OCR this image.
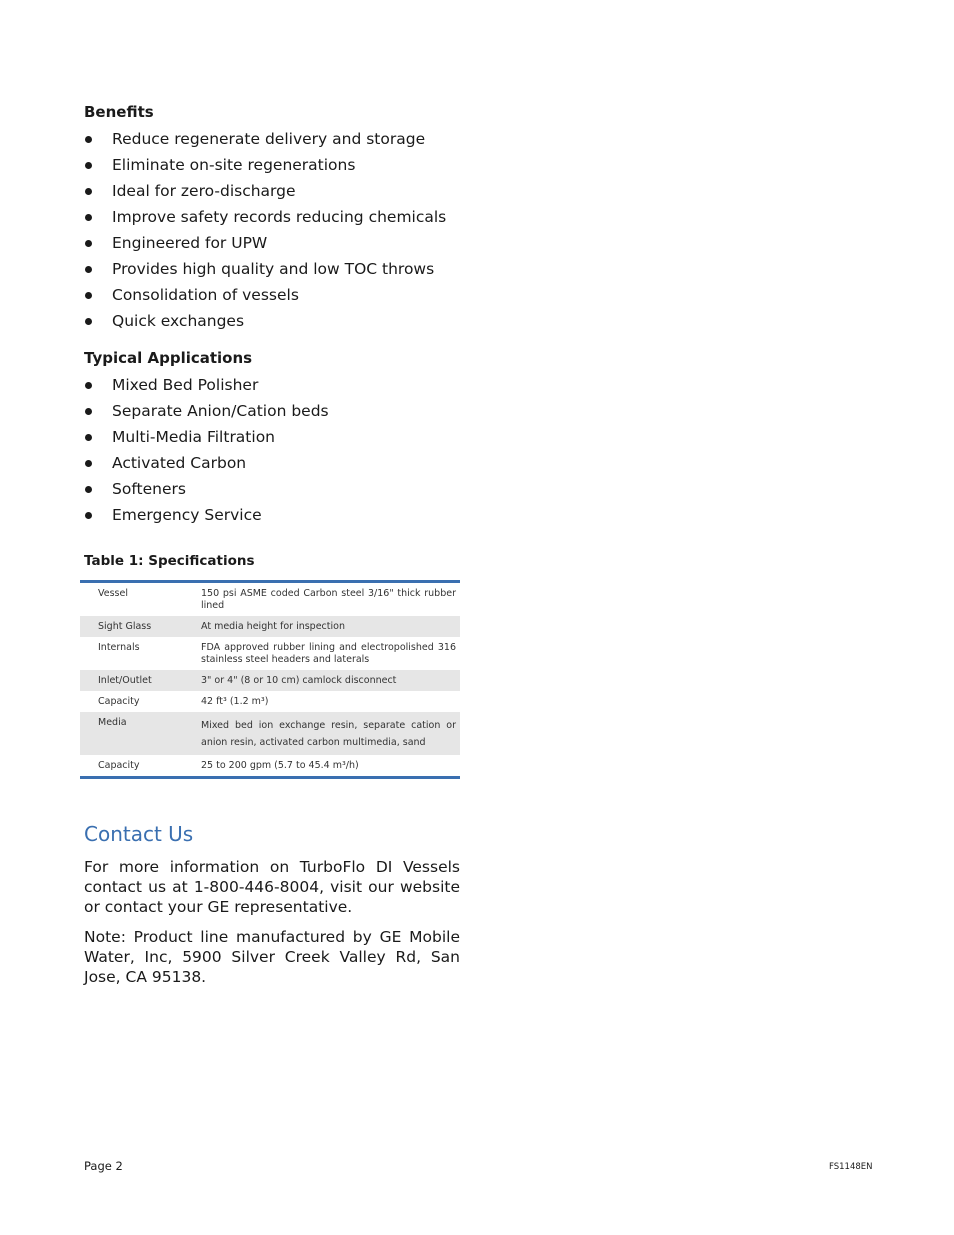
Benefits

Reduce regenerate delivery and storage
Eliminate on-site regenerations
Ideal for zero-discharge
Improve safety records reducing chemicals
Engineered for UPW
Provides high quality and low TOC throws
Consolidation of vessels
Quick exchanges

Typical Applications

Mixed Bed Polisher
Separate Anion/Cation beds
Multi-Media Filtration
Activated Carbon
Softeners
Emergency Service
Table 1: Specifications
Vessel	150 psi ASME coded Carbon steel 3/16" thick rubber lined
Sight Glass	At media height for inspection
Internals	FDA approved rubber lining and electropolished 316 stainless steel headers and laterals
Inlet/Outlet	3" or 4" (8 or 10 cm) camlock disconnect
Capacity	42 ft³ (1.2 m³)
Media	Mixed bed ion exchange resin, separate cation or anion resin, activated carbon multimedia, sand
Capacity	25 to 200 gpm (5.7 to 45.4 m³/h)
Contact Us

For more information on TurboFlo DI Vessels contact us at 1-800-446-8004, visit our website or contact your GE representative.

Note: Product line manufactured by GE Mobile Water, Inc, 5900 Silver Creek Valley Rd, San Jose, CA 95138.

Page 2	FS1148EN
